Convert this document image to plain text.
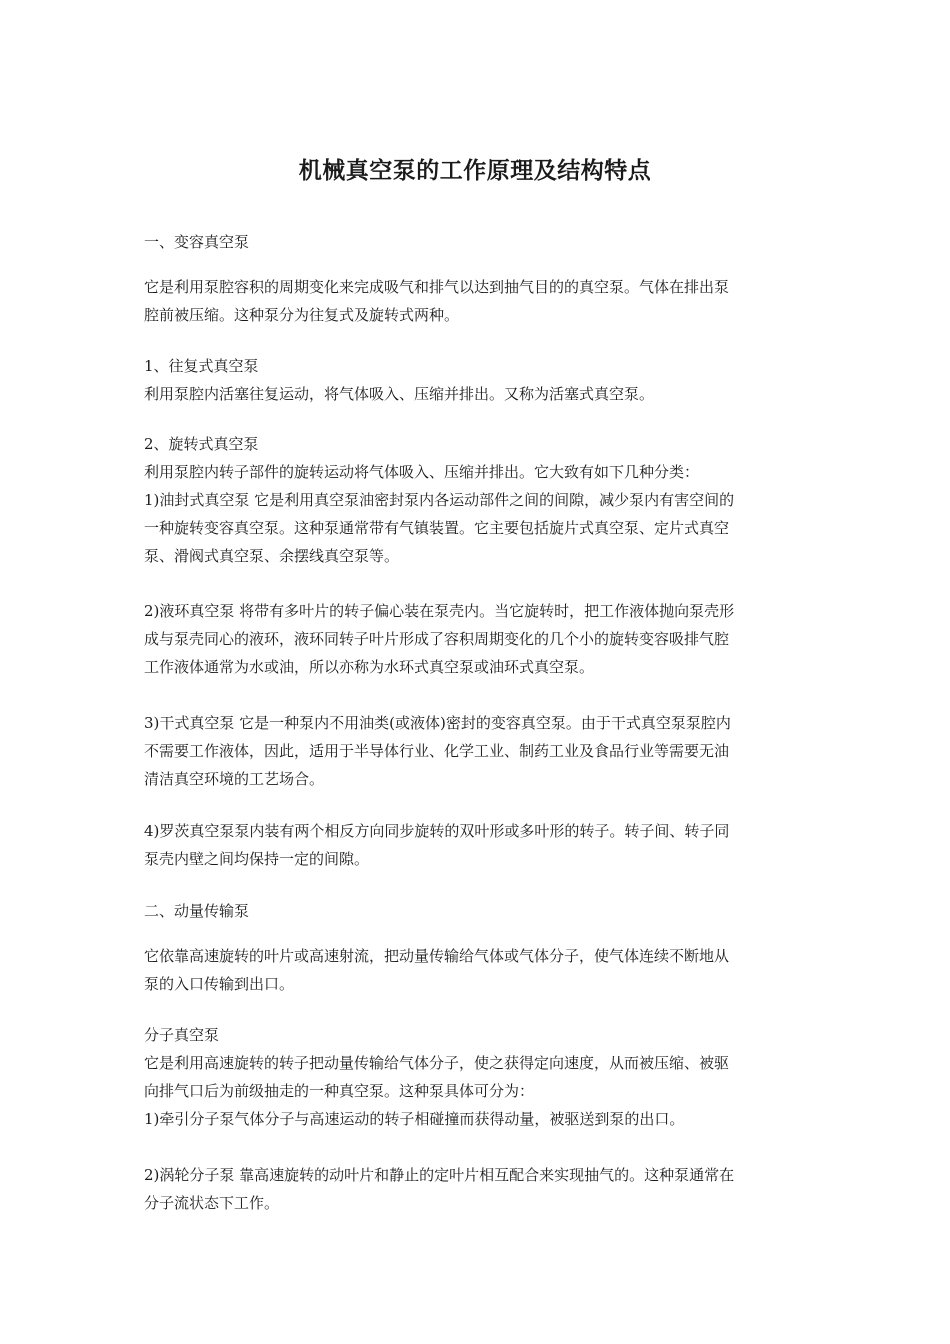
机械真空泵的工作原理及结构特点

一、变容真空泵

它是利用泵腔容积的周期变化来完成吸气和排气以达到抽气目的的真空泵。气体在排出泵
腔前被压缩。这种泵分为往复式及旋转式两种。

1、往复式真空泵
利用泵腔内活塞往复运动，将气体吸入、压缩并排出。又称为活塞式真空泵。

2、旋转式真空泵
利用泵腔内转子部件的旋转运动将气体吸入、压缩并排出。它大致有如下几种分类：
1)油封式真空泵 它是利用真空泵油密封泵内各运动部件之间的间隙，减少泵内有害空间的
一种旋转变容真空泵。这种泵通常带有气镇装置。它主要包括旋片式真空泵、定片式真空
泵、滑阀式真空泵、余摆线真空泵等。

2)液环真空泵 将带有多叶片的转子偏心装在泵壳内。当它旋转时，把工作液体抛向泵壳形
成与泵壳同心的液环，液环同转子叶片形成了容积周期变化的几个小的旋转变容吸排气腔
工作液体通常为水或油，所以亦称为水环式真空泵或油环式真空泵。

3)干式真空泵 它是一种泵内不用油类(或液体)密封的变容真空泵。由于干式真空泵泵腔内
不需要工作液体，因此，适用于半导体行业、化学工业、制药工业及食品行业等需要无油
清洁真空环境的工艺场合。

4)罗茨真空泵泵内装有两个相反方向同步旋转的双叶形或多叶形的转子。转子间、转子同
泵壳内壁之间均保持一定的间隙。

二、动量传输泵

它依靠高速旋转的叶片或高速射流，把动量传输给气体或气体分子，使气体连续不断地从
泵的入口传输到出口。

分子真空泵
它是利用高速旋转的转子把动量传输给气体分子，使之获得定向速度，从而被压缩、被驱
向排气口后为前级抽走的一种真空泵。这种泵具体可分为：
1)牵引分子泵气体分子与高速运动的转子相碰撞而获得动量，被驱送到泵的出口。

2)涡轮分子泵 靠高速旋转的动叶片和静止的定叶片相互配合来实现抽气的。这种泵通常在
分子流状态下工作。
